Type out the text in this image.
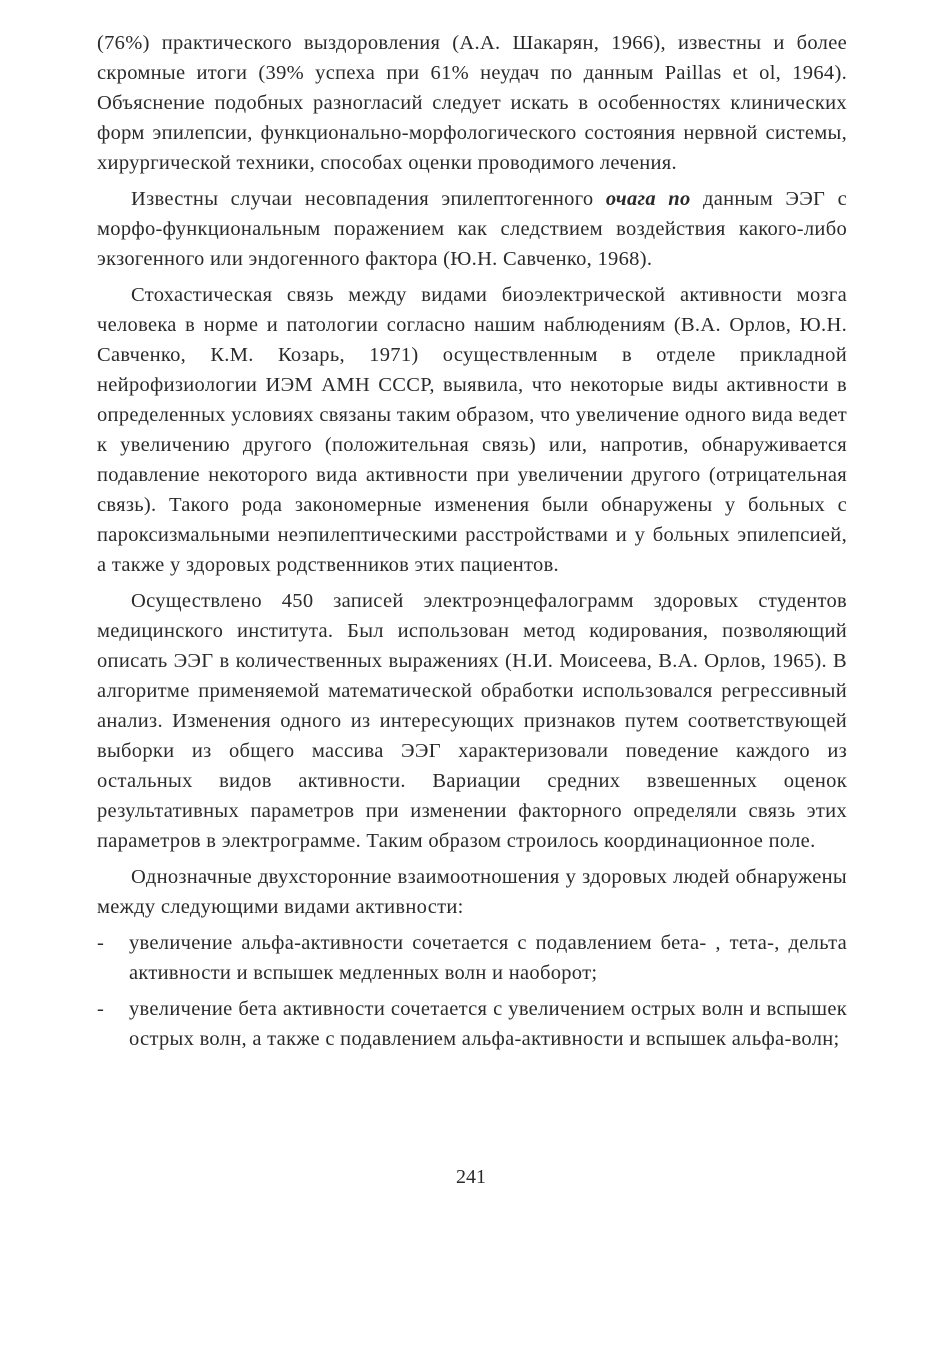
(76%) практического выздоровления (А.А. Шакарян, 1966), известны и более скромные итоги (39% успеха при 61% неудач по данным Paillas et ol, 1964). Объяснение подобных разногласий следует искать в особенностях клинических форм эпилепсии, функционально-морфологического состояния нервной системы, хирургической техники, способах оценки проводимого лечения.

Известны случаи несовпадения эпилептогенного очага по данным ЭЭГ с морфо-функциональным поражением как следствием воздействия какого-либо экзогенного или эндогенного фактора (Ю.Н. Савченко, 1968).

Стохастическая связь между видами биоэлектрической активности мозга человека в норме и патологии согласно нашим наблюдениям (В.А. Орлов, Ю.Н. Савченко, К.М. Козарь, 1971) осуществленным в отделе прикладной нейрофизиологии ИЭМ АМН СССР, выявила, что некоторые виды активности в определенных условиях связаны таким образом, что увеличение одного вида ведет к увеличению другого (положительная связь) или, напротив, обнаруживается подавление некоторого вида активности при увеличении другого (отрицательная связь). Такого рода закономерные изменения были обнаружены у больных с пароксизмальными неэпилептическими расстройствами и у больных эпилепсией, а также у здоровых родственников этих пациентов.

Осуществлено 450 записей электроэнцефалограмм здоровых студентов медицинского института. Был использован метод кодирования, позволяющий описать ЭЭГ в количественных выражениях (Н.И. Моисеева, В.А. Орлов, 1965). В алгоритме применяемой математической обработки использовался регрессивный анализ. Изменения одного из интересующих признаков путем соответствующей выборки из общего массива ЭЭГ характеризовали поведение каждого из остальных видов активности. Вариации средних взвешенных оценок результативных параметров при изменении факторного определяли связь этих параметров в электрограмме. Таким образом строилось координационное поле.

Однозначные двухсторонние взаимоотношения у здоровых людей обнаружены между следующими видами активности:

- увеличение альфа-активности сочетается с подавлением бета- , тета-, дельта активности и вспышек медленных волн и наоборот;
- увеличение бета активности сочетается с увеличением острых волн и вспышек острых волн, а также с подавлением альфа-активности и вспышек альфа-волн;
241
